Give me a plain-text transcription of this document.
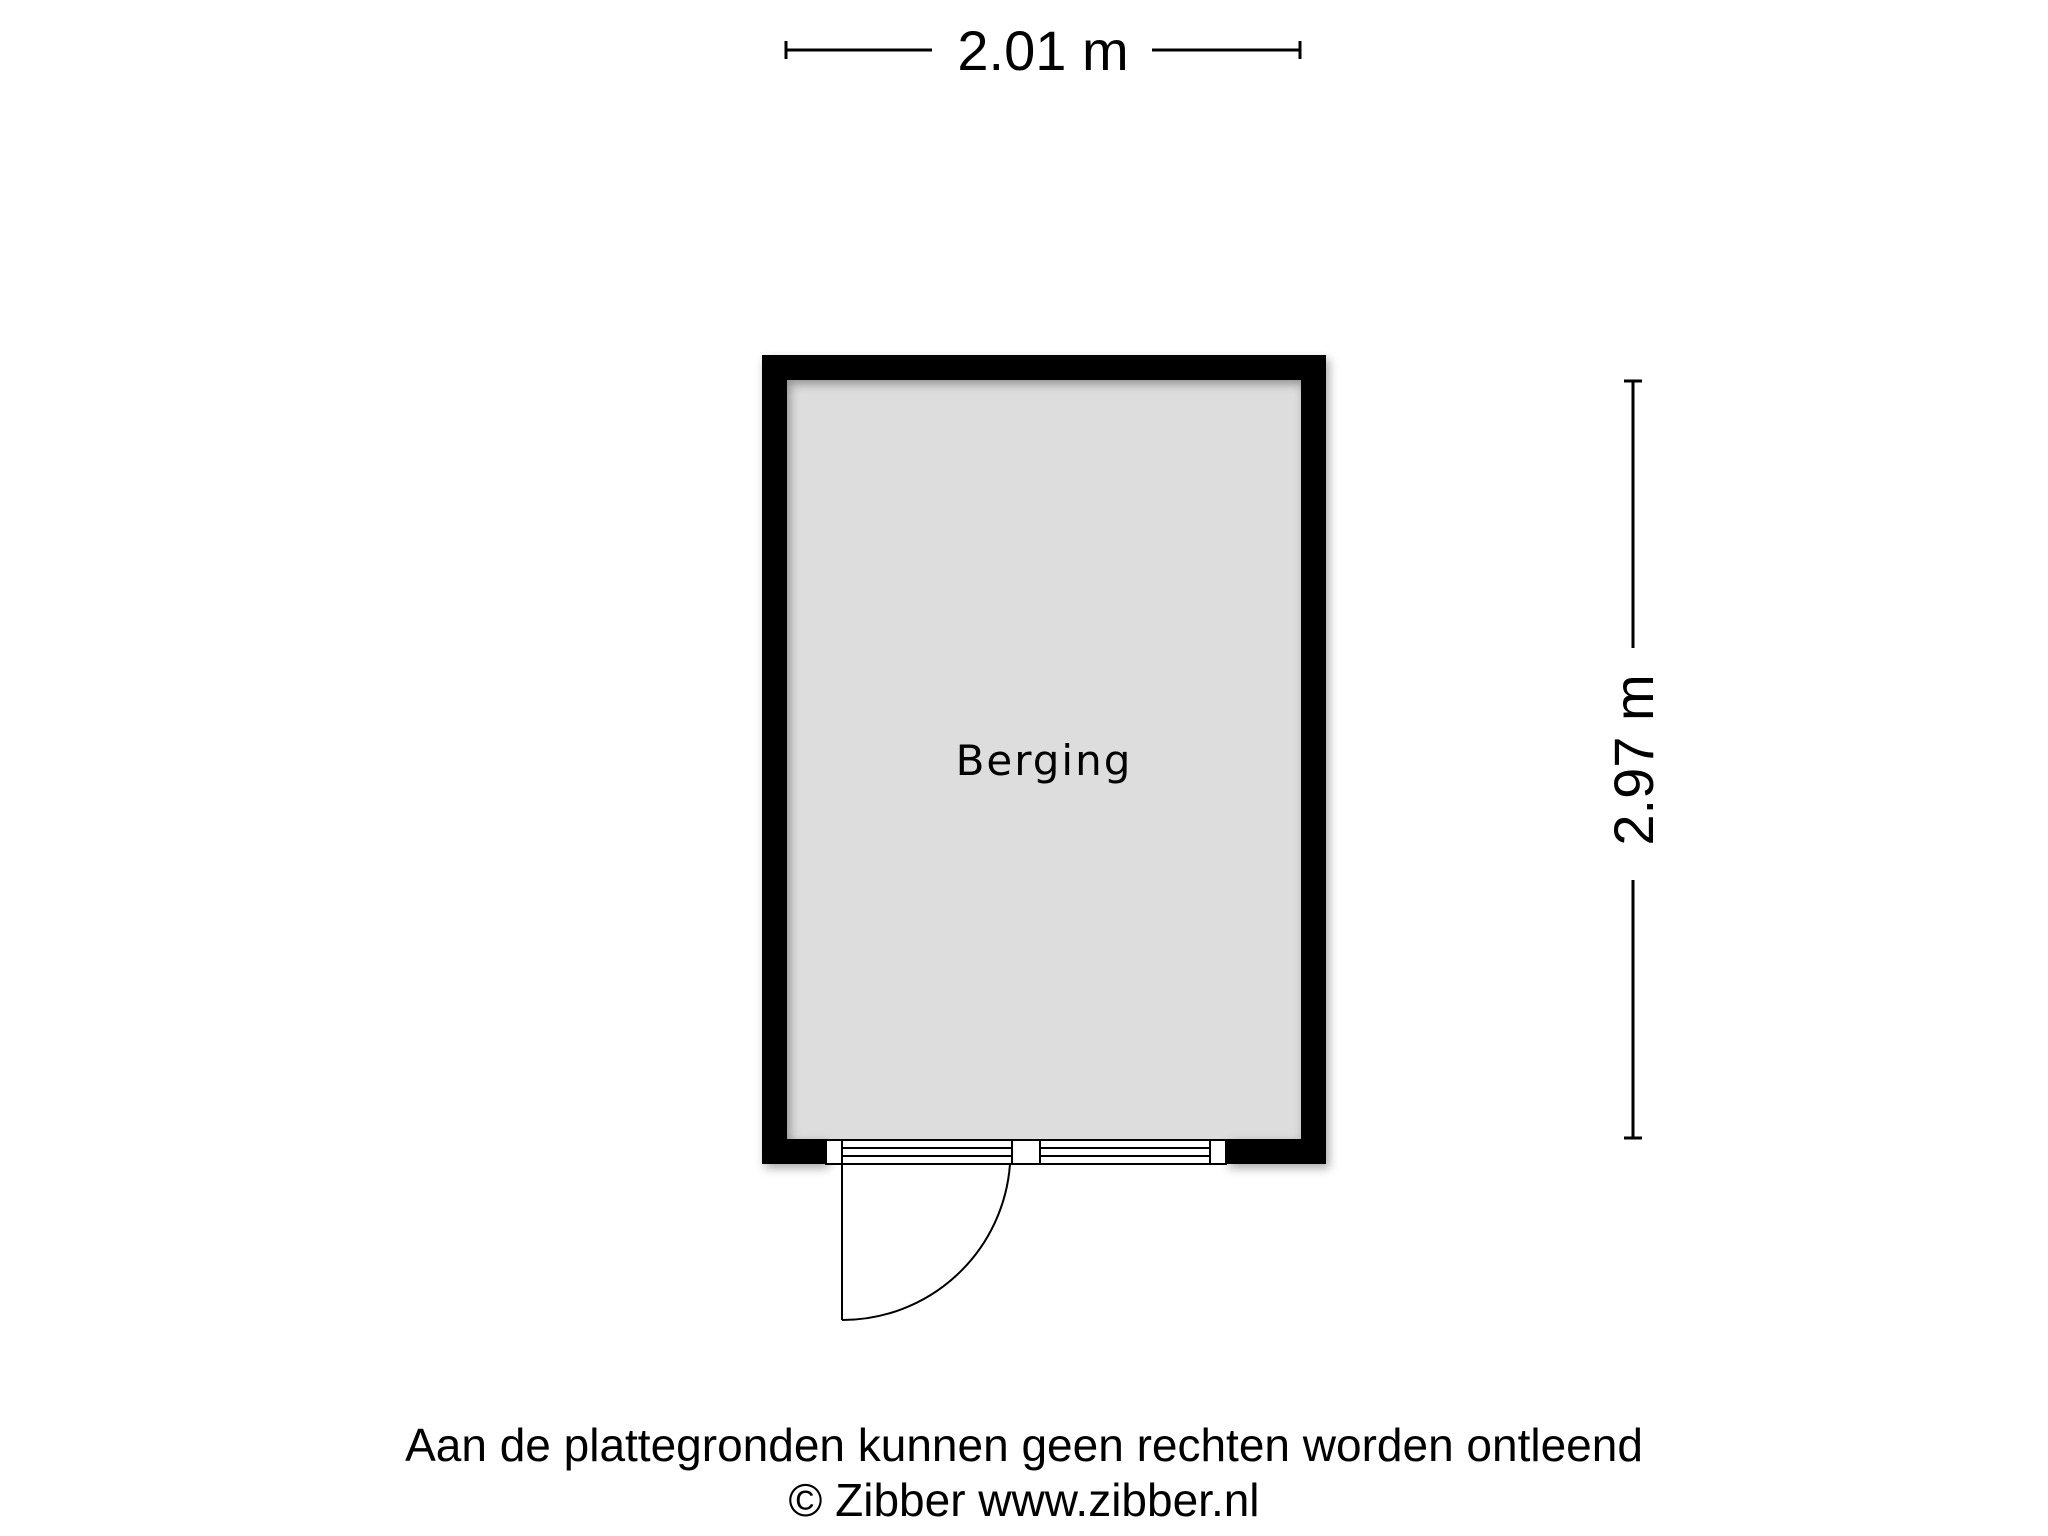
2.01 m
2.97 m
Berging
Aan de plattegronden kunnen geen rechten worden ontleend
© Zibber www.zibber.nl
